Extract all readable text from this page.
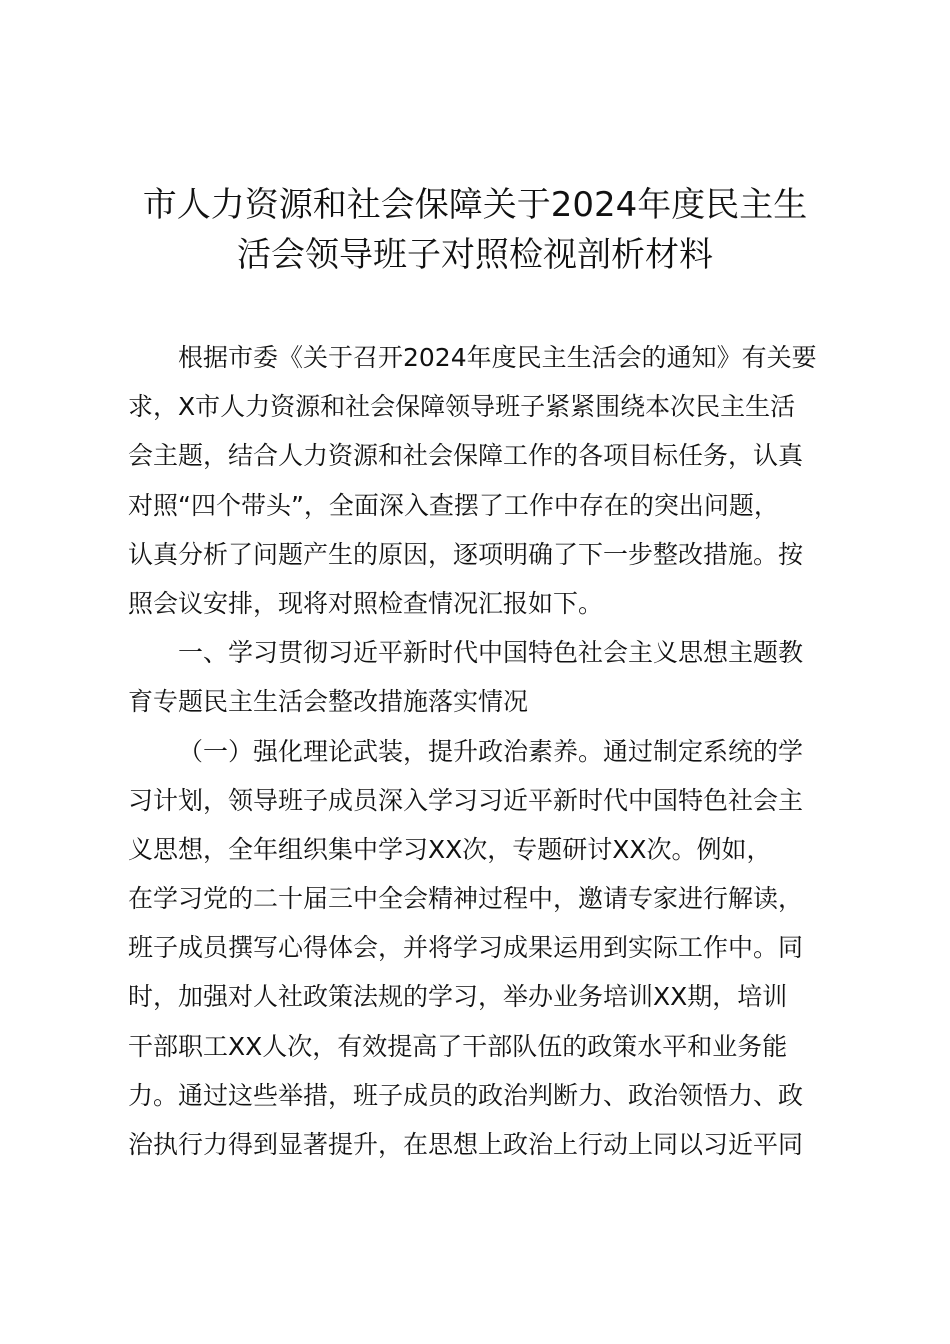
市人力资源和社会保障关于2024年度民主生
活会领导班子对照检视剖析材料
根据市委《关于召开2024年度民主生活会的通知》有关要
求，X市人力资源和社会保障领导班子紧紧围绕本次民主生活
会主题，结合人力资源和社会保障工作的各项目标任务，认真
对照“四个带头”，全面深入查摆了工作中存在的突出问题，
认真分析了问题产生的原因，逐项明确了下一步整改措施。按
照会议安排，现将对照检查情况汇报如下。
一、学习贯彻习近平新时代中国特色社会主义思想主题教
育专题民主生活会整改措施落实情况
（一）强化理论武装，提升政治素养。通过制定系统的学
习计划，领导班子成员深入学习习近平新时代中国特色社会主
义思想，全年组织集中学习XX次，专题研讨XX次。例如，
在学习党的二十届三中全会精神过程中，邀请专家进行解读，
班子成员撰写心得体会，并将学习成果运用到实际工作中。同
时，加强对人社政策法规的学习，举办业务培训XX期，培训
干部职工XX人次，有效提高了干部队伍的政策水平和业务能
力。通过这些举措，班子成员的政治判断力、政治领悟力、政
治执行力得到显著提升，在思想上政治上行动上同以习近平同
